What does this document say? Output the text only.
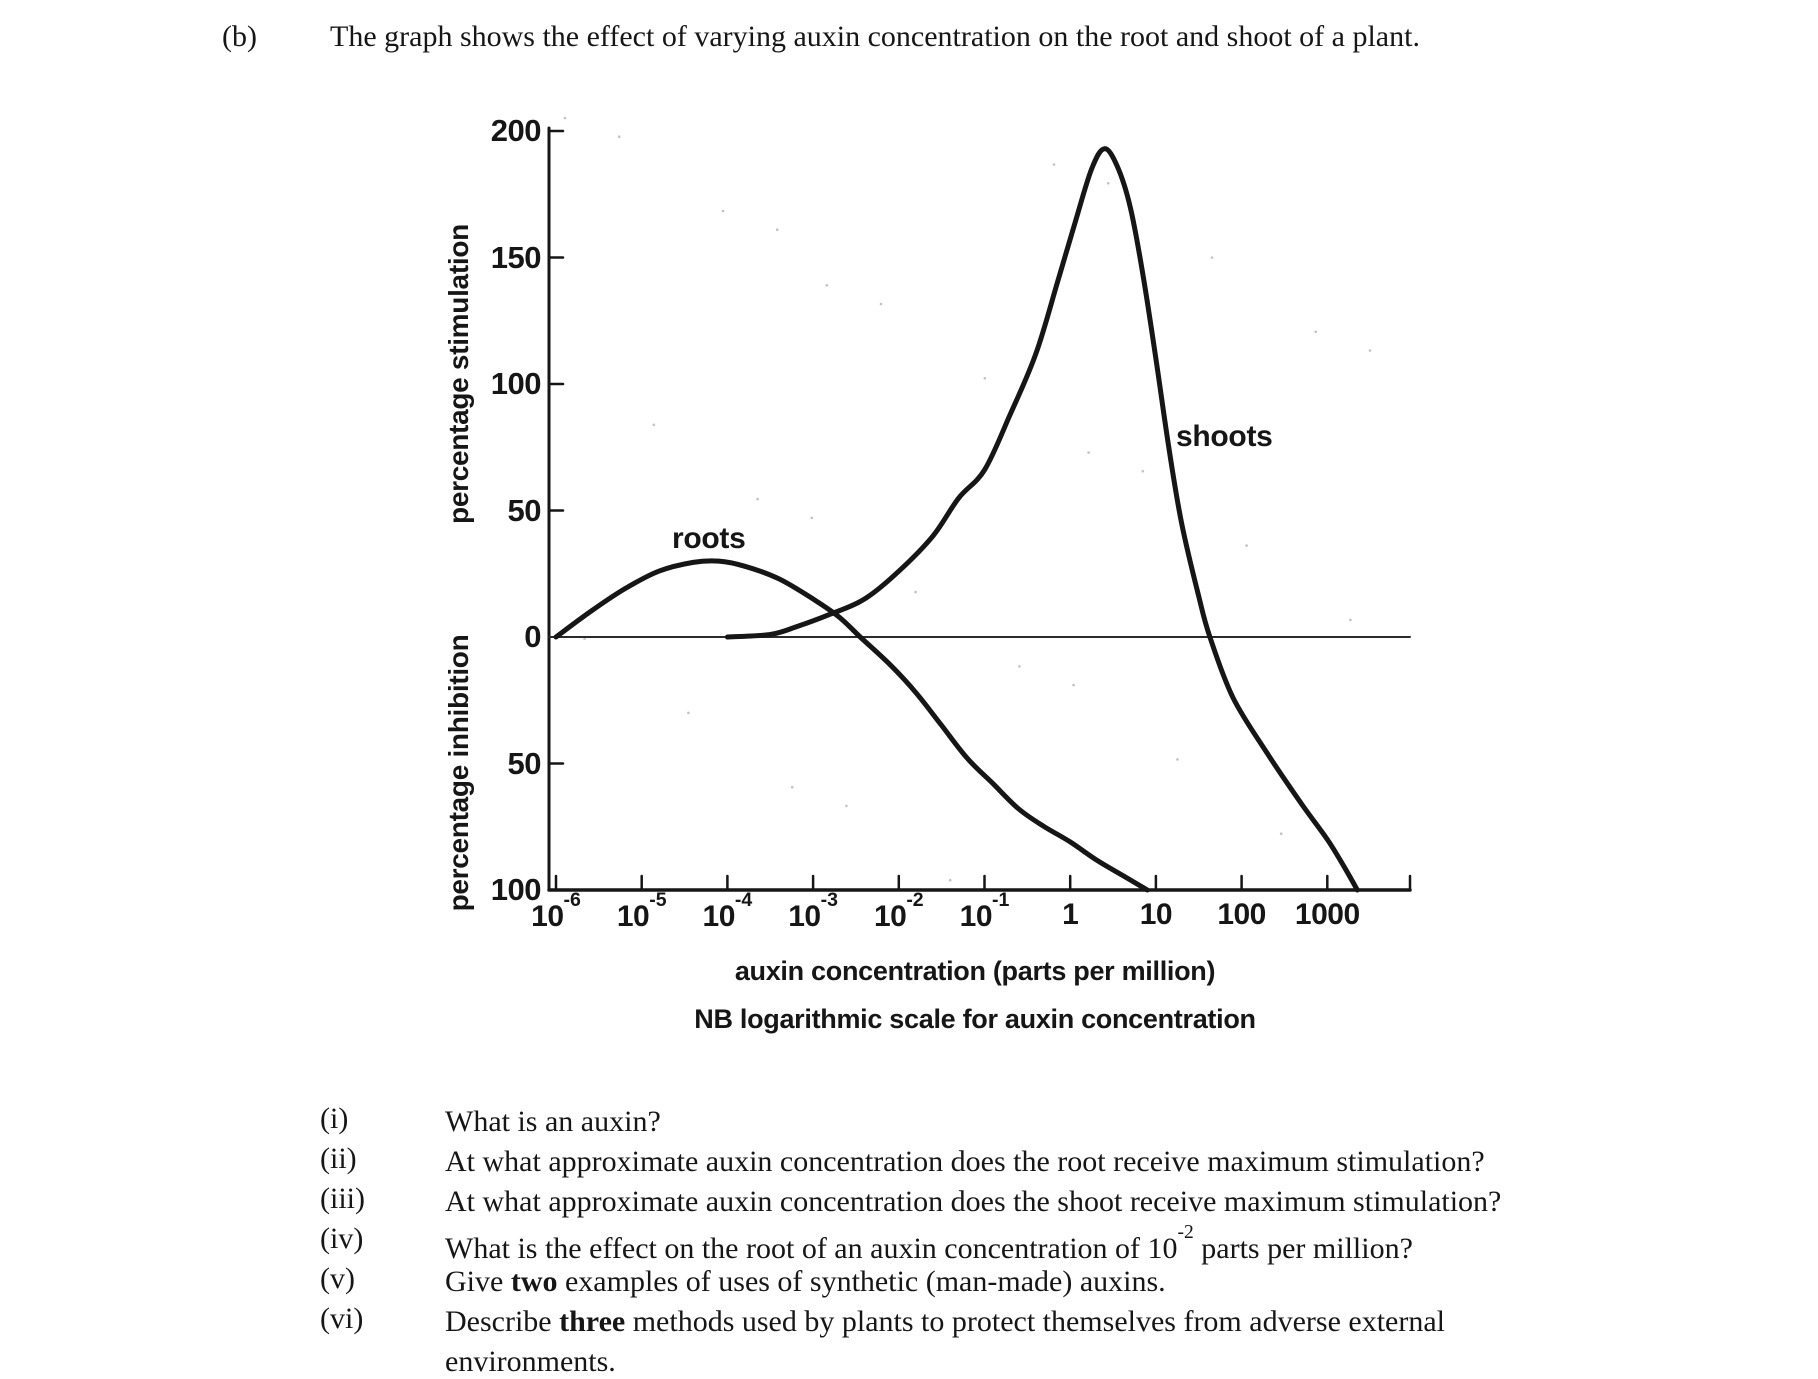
(b) The graph shows the effect of varying auxin concentration on the root and shoot of a plant.
percentage stimulation
percentage inhibition
200
150
100
50
0
50
100
$10^{-6}$	$10^{-5}$	$10^{-4}$	$10^{-3}$	$10^{-2}$	$10^{-1}$	1	10	100 1000
roots
shoots
auxin concentration (parts per million)
NB logarithmic scale for auxin concentration
(i)	What is an auxin?
(ii)	At what approximate auxin concentration does the root receive maximum stimulation?
(iii)	At what approximate auxin concentration does the shoot receive maximum stimulation?
(iv)	What is the effect on the root of an auxin concentration of $10^{-2}$ parts per million?
(v)	Give two examples of uses of synthetic (man-made) auxins.
(vi)	Describe three methods used by plants to protect themselves from adverse external environments.
